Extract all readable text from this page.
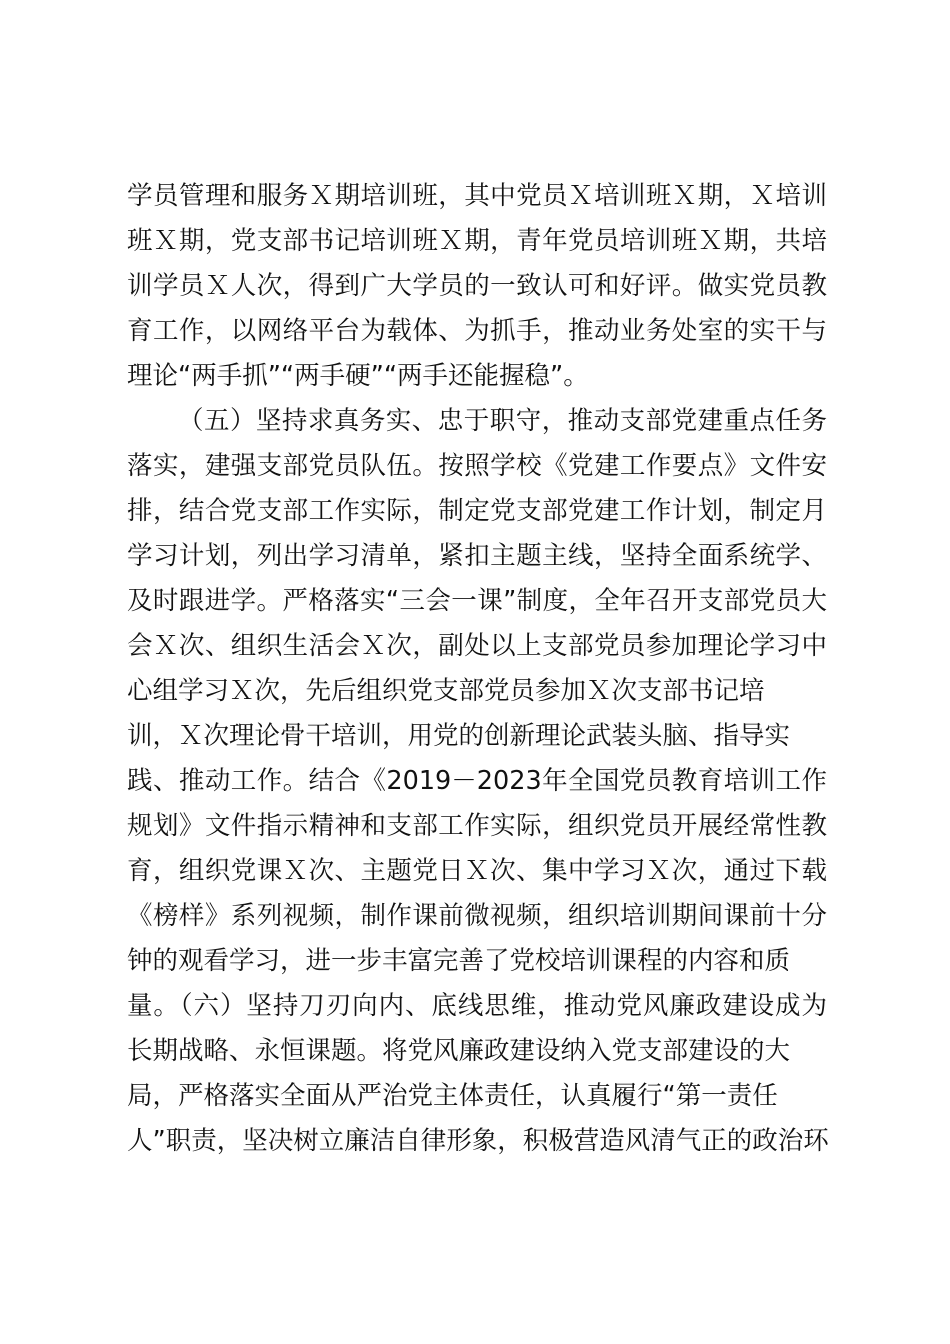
学员管理和服务Ｘ期培训班，其中党员Ｘ培训班Ｘ期，Ｘ培训
班Ｘ期，党支部书记培训班Ｘ期，青年党员培训班Ｘ期，共培
训学员Ｘ人次，得到广大学员的一致认可和好评。做实党员教
育工作，以网络平台为载体、为抓手，推动业务处室的实干与
理论“两手抓”“两手硬”“两手还能握稳”。
（五）坚持求真务实、忠于职守，推动支部党建重点任务
落实，建强支部党员队伍。按照学校《党建工作要点》文件安
排，结合党支部工作实际，制定党支部党建工作计划，制定月
学习计划，列出学习清单，紧扣主题主线，坚持全面系统学、
及时跟进学。严格落实“三会一课”制度，全年召开支部党员大
会Ｘ次、组织生活会Ｘ次，副处以上支部党员参加理论学习中
心组学习Ｘ次，先后组织党支部党员参加Ｘ次支部书记培
训，Ｘ次理论骨干培训，用党的创新理论武装头脑、指导实
践、推动工作。结合《2019－2023年全国党员教育培训工作
规划》文件指示精神和支部工作实际，组织党员开展经常性教
育，组织党课Ｘ次、主题党日Ｘ次、集中学习Ｘ次，通过下载
《榜样》系列视频，制作课前微视频，组织培训期间课前十分
钟的观看学习，进一步丰富完善了党校培训课程的内容和质
量。（六）坚持刀刃向内、底线思维，推动党风廉政建设成为
长期战略、永恒课题。将党风廉政建设纳入党支部建设的大
局，严格落实全面从严治党主体责任，认真履行“第一责任
人”职责，坚决树立廉洁自律形象，积极营造风清气正的政治环
